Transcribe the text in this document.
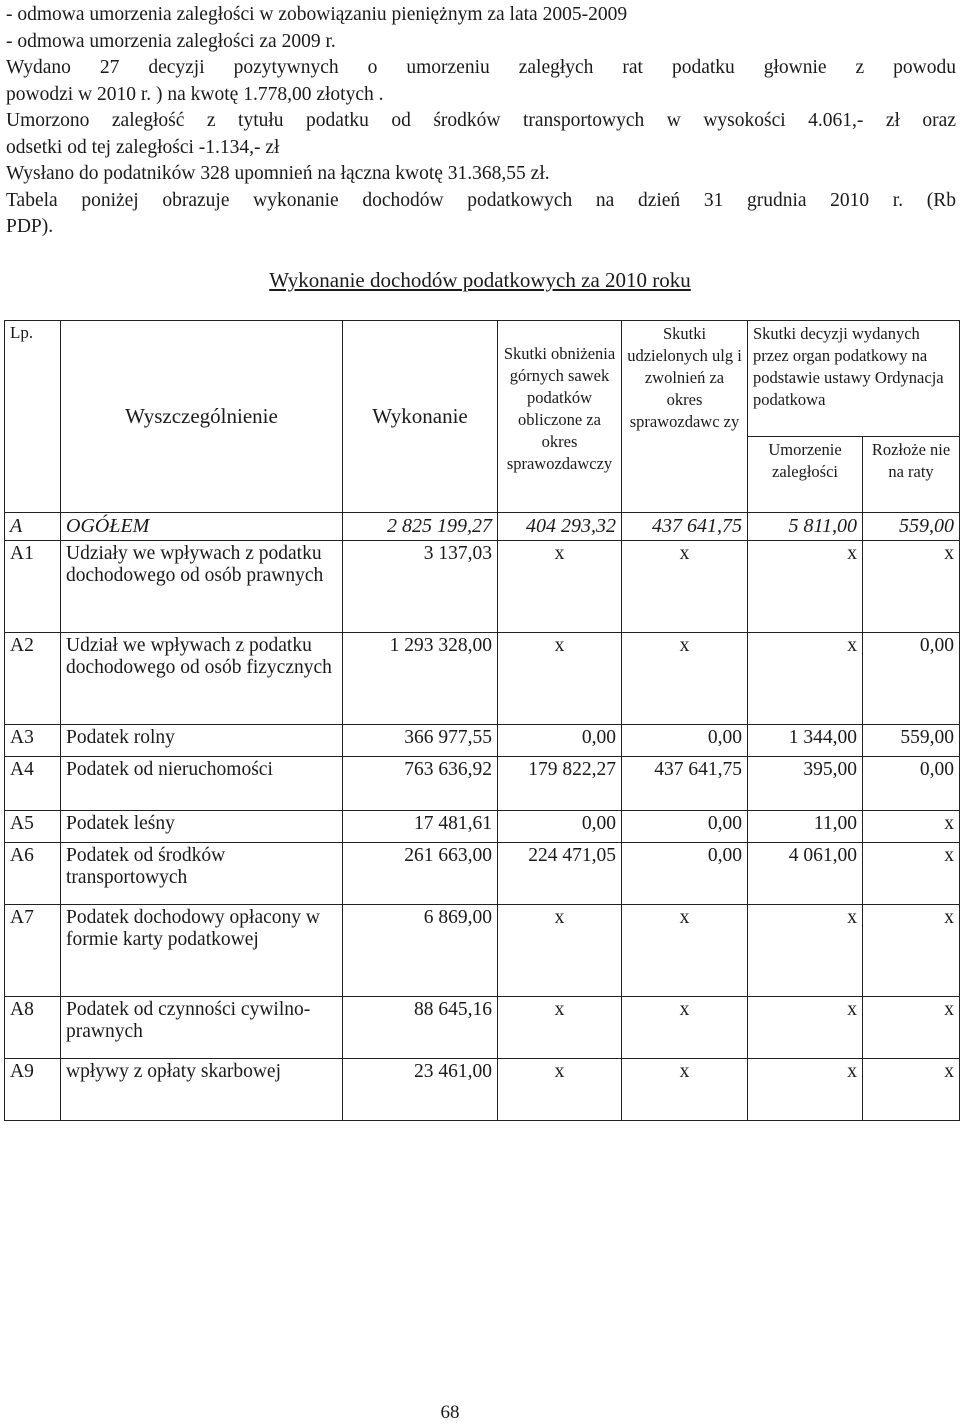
- odmowa umorzenia zaległości w zobowiązaniu pieniężnym za lata 2005-2009
- odmowa umorzenia zaległości za 2009 r.
Wydano 27 decyzji pozytywnych o umorzeniu zaległych rat podatku głownie z powodu
powodzi w 2010 r. ) na kwotę 1.778,00 złotych .
Umorzono zaległość z tytułu podatku od środków transportowych w wysokości 4.061,- zł oraz
odsetki od tej zaległości -1.134,- zł
Wysłano do podatników 328 upomnień na łączna kwotę 31.368,55 zł.
Tabela poniżej obrazuje wykonanie dochodów podatkowych na dzień 31 grudnia 2010 r. (Rb
PDP).
Wykonanie dochodów podatkowych za 2010 roku
Lp.	Wyszczególnienie	Wykonanie	Skutki obniżenia górnych sawek podatków obliczone za okres sprawozdawczy	Skutki udzielonych ulg i zwolnień za okres sprawozdawc zy	Skutki decyzji wydanych przez organ podatkowy na podstawie ustawy Ordynacja podatkowa	
					Umorzenie zaległości	Rozłoże nie na raty
A	OGÓŁEM	2 825 199,27	404 293,32	437 641,75	5 811,00	559,00
A1	Udziały we wpływach z podatku dochodowego od osób prawnych	3 137,03	x	x	x	x
A2	Udział we wpływach z podatku dochodowego od osób fizycznych	1 293 328,00	x	x	x	0,00
A3	Podatek rolny	366 977,55	0,00	0,00	1 344,00	559,00
A4	Podatek od nieruchomości	763 636,92	179 822,27	437 641,75	395,00	0,00
A5	Podatek leśny	17 481,61	0,00	0,00	11,00	x
A6	Podatek od środków transportowych	261 663,00	224 471,05	0,00	4 061,00	x
A7	Podatek dochodowy opłacony w formie karty podatkowej	6 869,00	x	x	x	x
A8	Podatek od czynności cywilno-prawnych	88 645,16	x	x	x	x
A9	wpływy z opłaty skarbowej	23 461,00	x	x	x	x
68
